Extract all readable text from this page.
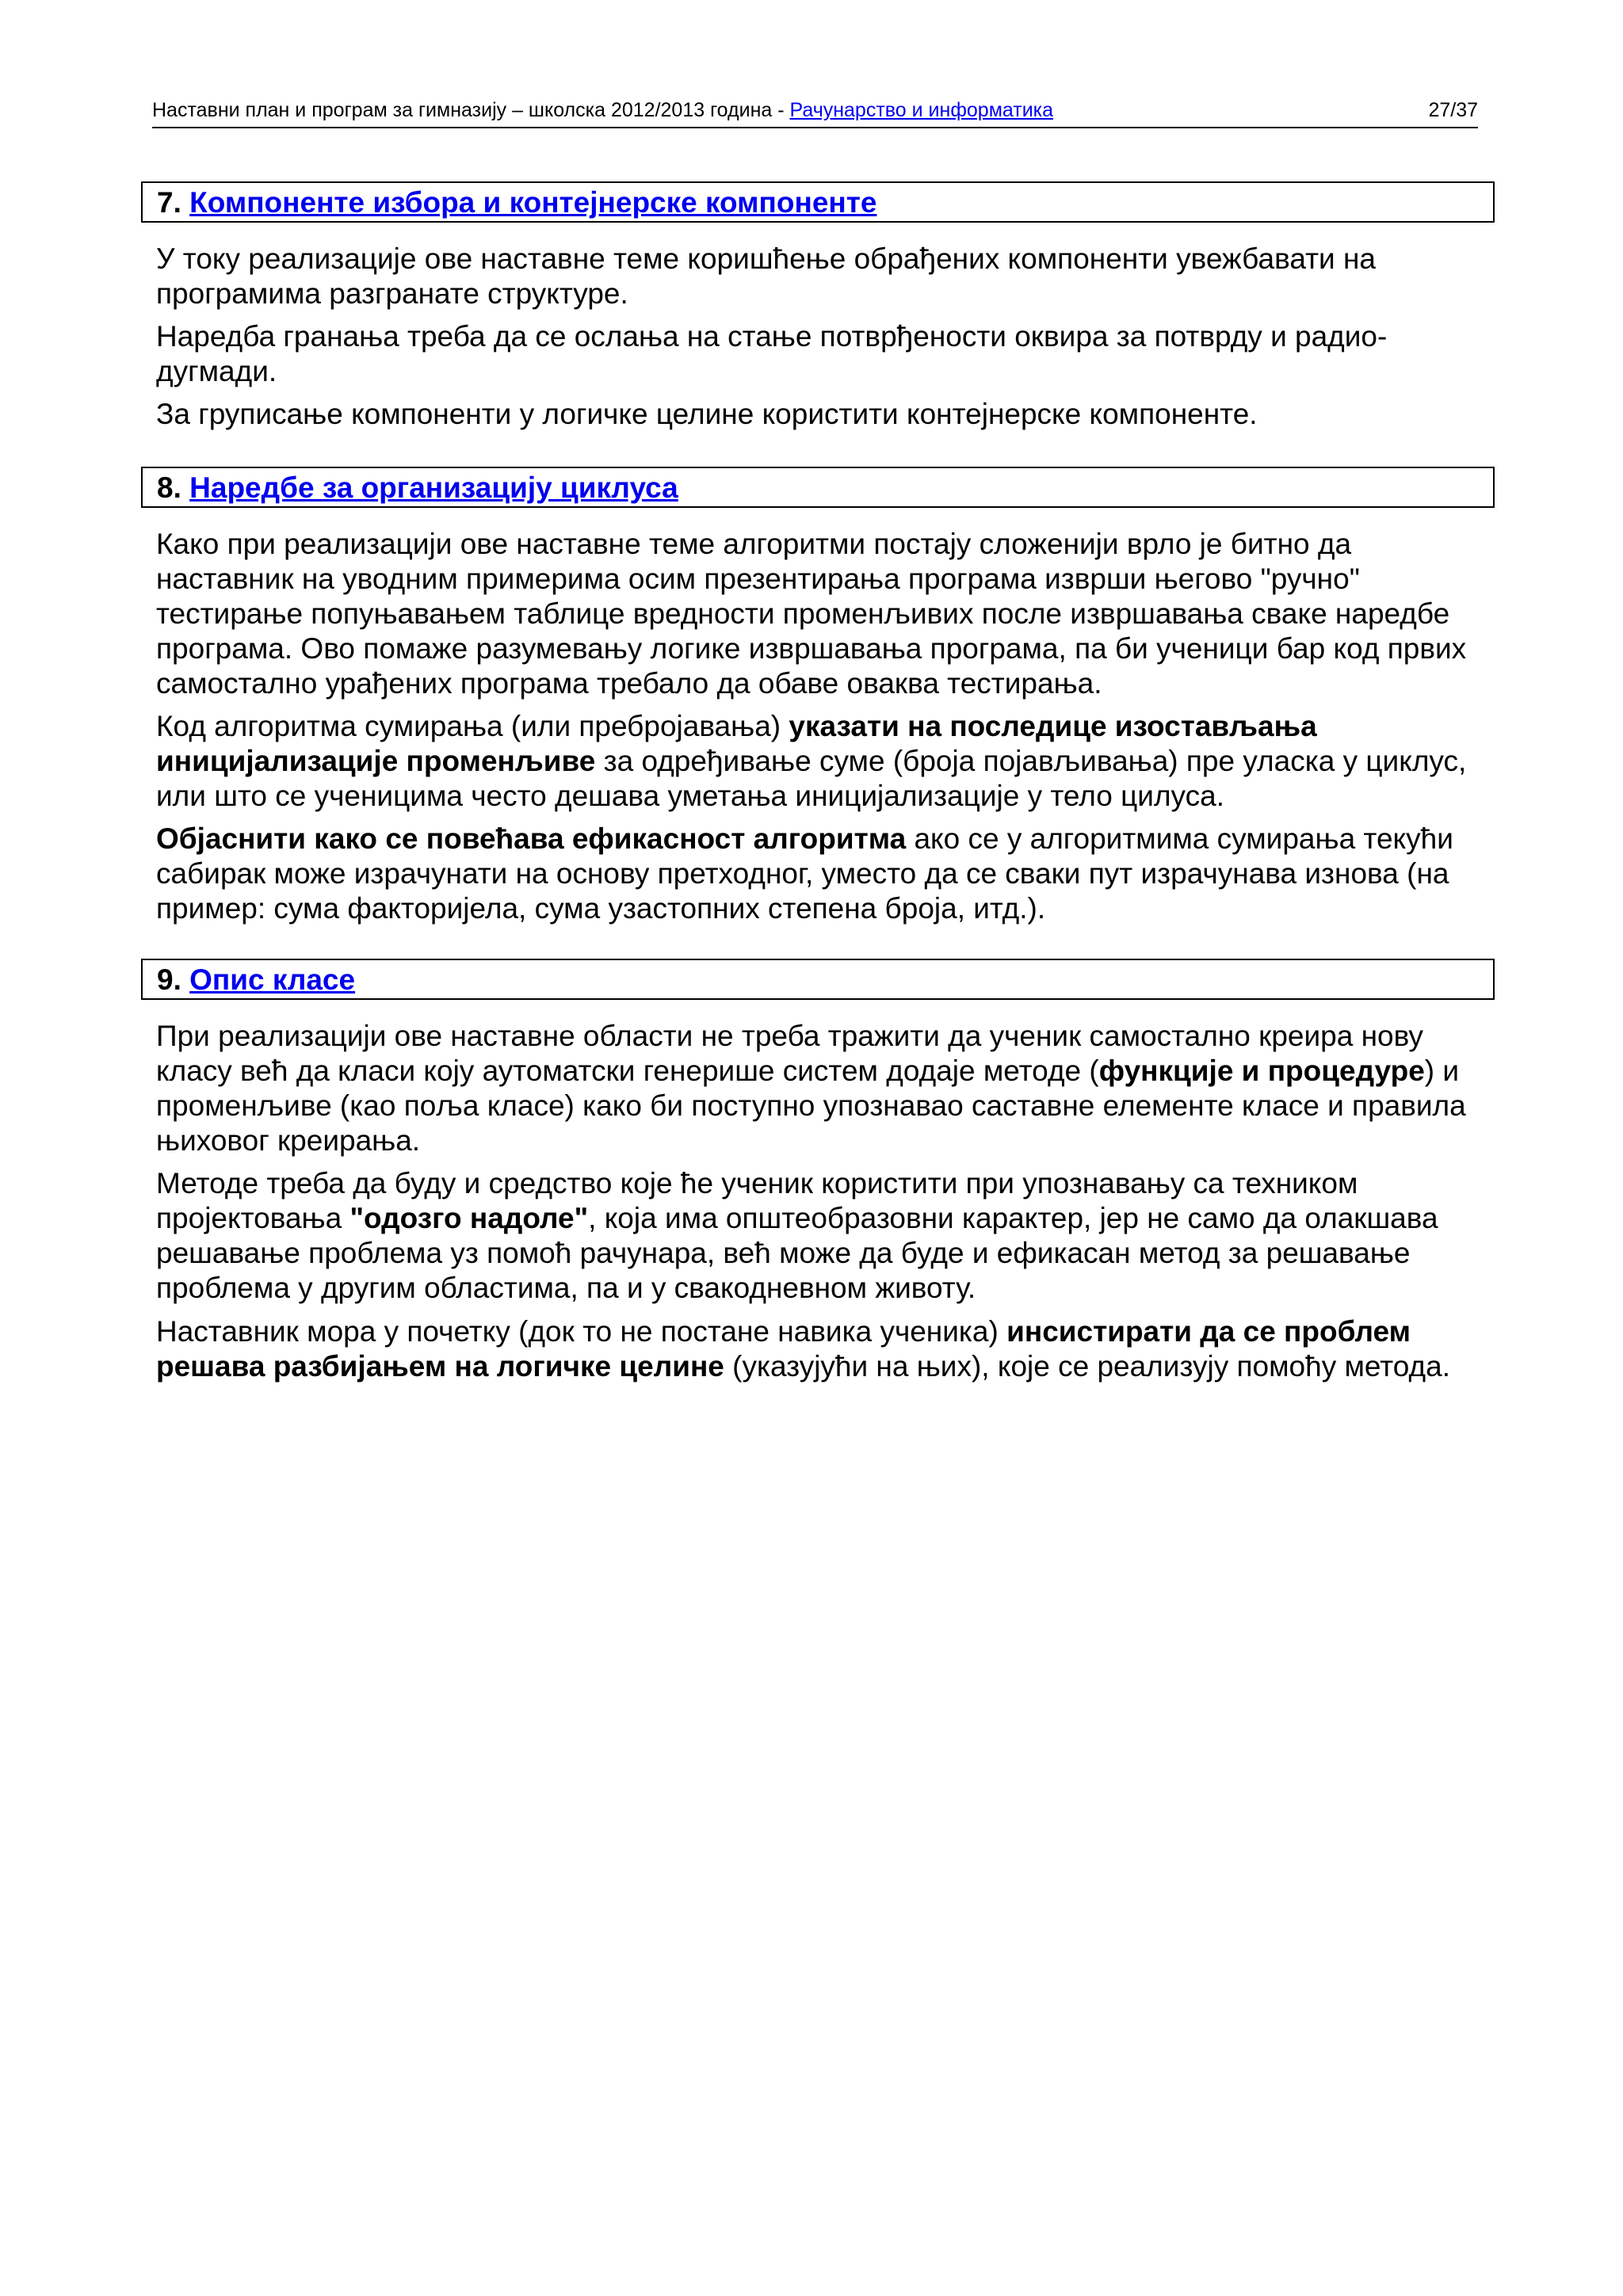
Наставни план и програм за гимназију – школска 2012/2013 година - Рачунарство и информатика	27/37
7. Компоненте избора и контејнерске компоненте

У току реализације ове наставне теме коришћење обрађених компоненти увежбавати на програмима разгранате структуре.

Наредба гранања треба да се ослања на стање потврђености оквира за потврду и радио-дугмади.

За груписање компоненти у логичке целине користити контејнерске компоненте.

8. Наредбе за организацију циклуса

Како при реализацији ове наставне теме алгоритми постају сложенији врло је битно да наставник на уводним примерима осим презентирања програма изврши његово "ручно" тестирање попуњавањем таблице вредности променљивих после извршавања сваке наредбе програма. Ово помаже разумевању логике извршавања програма, па би ученици бар код првих самостално урађених програма требало да обаве оваква тестирања.

Код алгоритма сумирања (или пребројавања) указати на последице изостављања иницијализације променљиве за одређивање суме (броја појављивања) пре уласка у циклус, или што се ученицима често дешава уметања иницијализације у тело цилуса.

Објаснити како се повећава ефикасност алгоритма ако се у алгоритмима сумирања текући сабирак може израчунати на основу претходног, уместо да се сваки пут израчунава изнова (на пример: сума факторијела, сума узастопних степена броја, итд.).

9. Опис класе

При реализацији ове наставне области не треба тражити да ученик самостално креира нову класу већ да класи коју аутоматски генерише систем додаје методе (функције и процедуре) и променљиве (као поља класе) како би поступно упознавао саставне елементе класе и правила њиховог креирања.

Методе треба да буду и средство које ће ученик користити при упознавању са техником пројектовања "одозго надоле", која има општеобразовни карактер, јер не само да олакшава решавање проблема уз помоћ рачунара, већ може да буде и ефикасан метод за решавање проблема у другим областима, па и у свакодневном животу.

Наставник мора у почетку (док то не постане навика ученика) инсистирати да се проблем решава разбијањем на логичке целине (указујући на њих), које се реализују помоћу метода.
